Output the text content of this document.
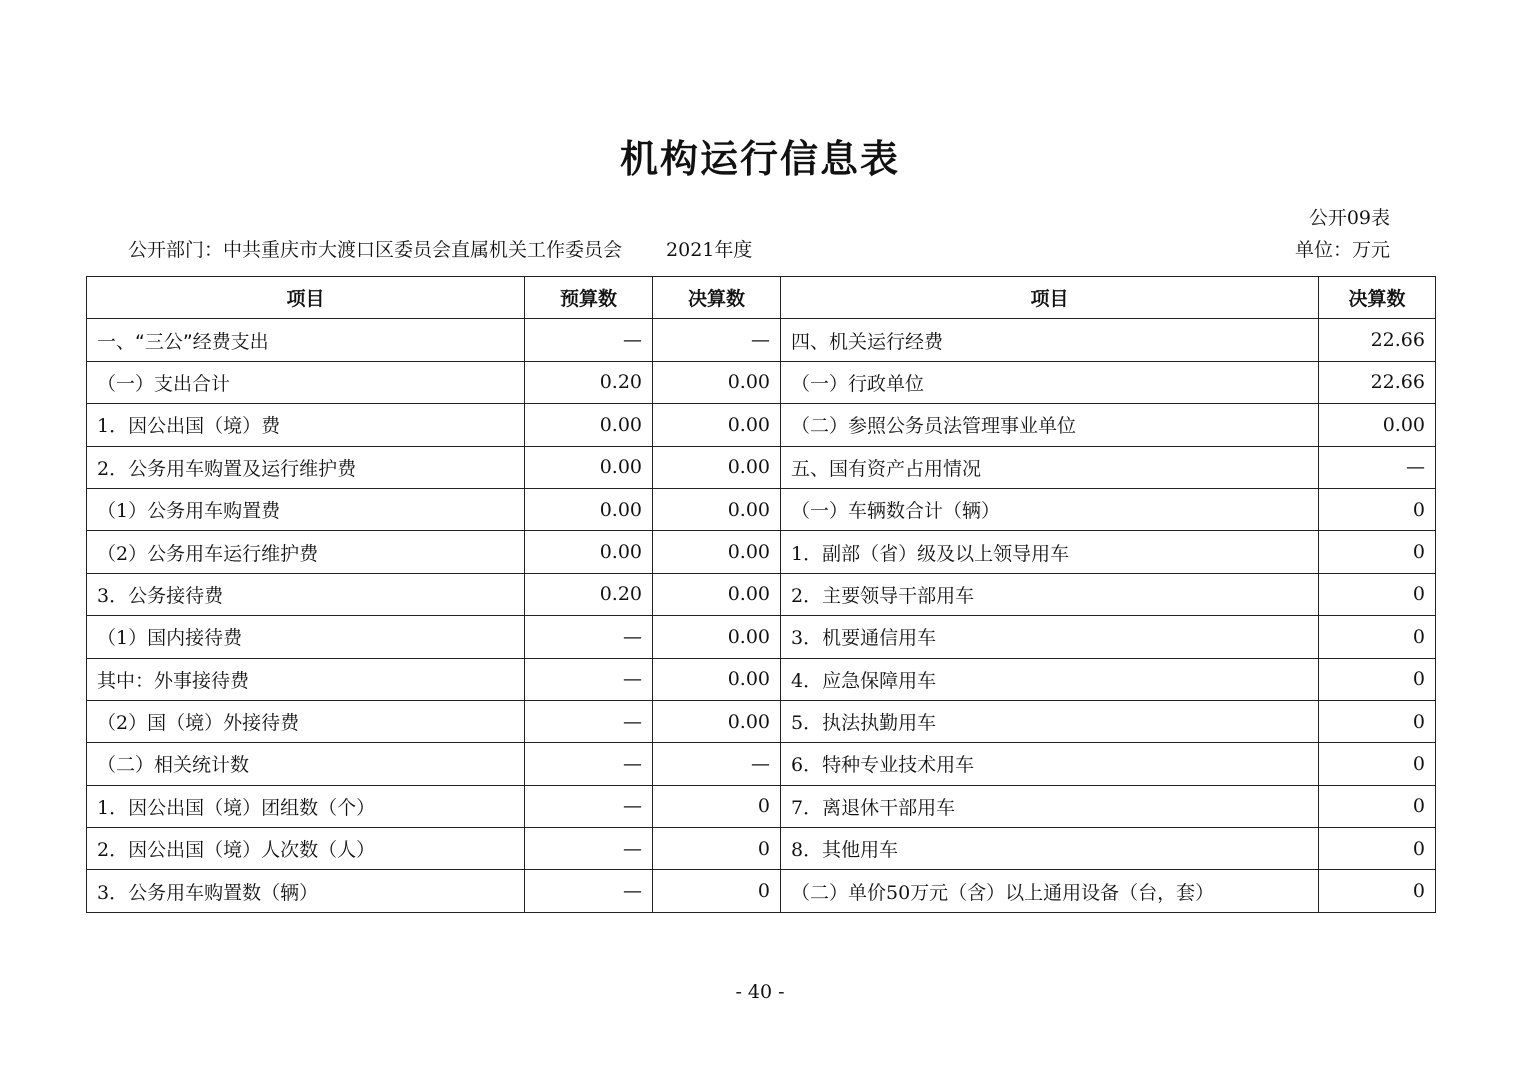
机构运行信息表
公开09表
公开部门：中共重庆市大渡口区委员会直属机关工作委员会 2021年度	单位：万元
项目	预算数	决算数	项目	决算数
一、“三公”经费支出	—	—	四、机关运行经费	22.66
（一）支出合计	0.20	0.00	（一）行政单位	22.66
1．因公出国（境）费	0.00	0.00	（二）参照公务员法管理事业单位	0.00
2．公务用车购置及运行维护费	0.00	0.00	五、国有资产占用情况	—
（1）公务用车购置费	0.00	0.00	（一）车辆数合计（辆）	0
（2）公务用车运行维护费	0.00	0.00	1．副部（省）级及以上领导用车	0
3．公务接待费	0.20	0.00	2．主要领导干部用车	0
（1）国内接待费	—	0.00	3．机要通信用车	0
其中：外事接待费	—	0.00	4．应急保障用车	0
（2）国（境）外接待费	—	0.00	5．执法执勤用车	0
（二）相关统计数	—	—	6．特种专业技术用车	0
1．因公出国（境）团组数（个）	—	0	7．离退休干部用车	0
2．因公出国（境）人次数（人）	—	0	8．其他用车	0
3．公务用车购置数（辆）	—	0	（二）单价50万元（含）以上通用设备（台，套）	0
- 40 -
